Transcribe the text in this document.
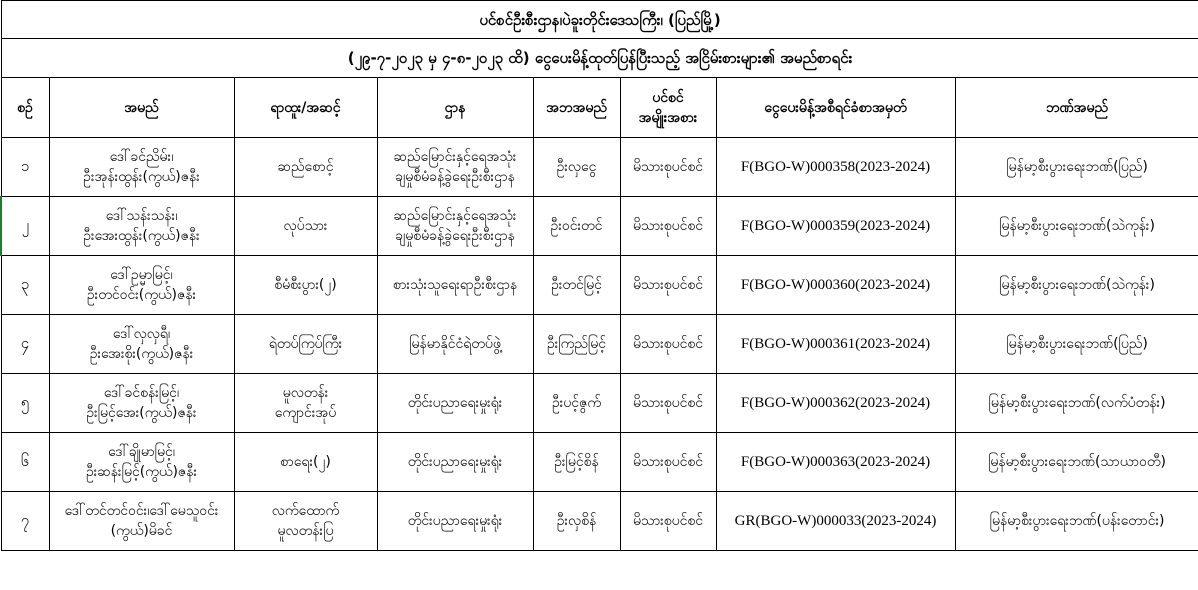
ပင်စင်ဦးစီးဌာန၊ပဲခူးတိုင်းဒေသကြီး၊ (ပြည်မြို့)							
(၂၉-၇-၂၀၂၃ မှ ၄-၈-၂၀၂၃ ထိ) ငွေပေးမိန့်ထုတ်ပြန်ပြီးသည့် အငြိမ်းစားများ၏ အမည်စာရင်း							
စဉ်	အမည်	ရာထူး/အဆင့်	ဌာန	အဘအမည်	ပင်စင်
အမျိုးအစား	ငွေပေးမိန့်အစီရင်ခံစာအမှတ်	ဘဏ်အမည်
၁	ဒေါ်ခင်ညိမ်း၊
ဦးအုန်းထွန်း(ကွယ်)ဇနီး	ဆည်စောင့်	ဆည်မြောင်းနှင့်ရေအသုံး
ချမှုစီမံခန့်ခွဲရေးဦးစီးဌာန	ဦးလှငွေ	မိသားစုပင်စင်	F(BGO-W)000358(2023-2024)	မြန်မာ့စီးပွားရေးဘဏ်(ပြည်)
၂	ဒေါ်သန်းသန်း၊
ဦးအေးထွန်း(ကွယ်)ဇနီး	လုပ်သား	ဆည်မြောင်းနှင့်ရေအသုံး
ချမှုစီမံခန့်ခွဲရေးဦးစီးဌာန	ဦးဝင်းတင်	မိသားစုပင်စင်	F(BGO-W)000359(2023-2024)	မြန်မာ့စီးပွားရေးဘဏ်(သဲကုန်း)
၃	ဒေါ်ဥမ္မာမြင့်၊
ဦးတင်ဝင်း(ကွယ်)ဇနီး	စီမံစီးပွား(၂)	စားသုံးသူရေးရာဦးစီးဌာန	ဦးတင်မြင့်	မိသားစုပင်စင်	F(BGO-W)000360(2023-2024)	မြန်မာ့စီးပွားရေးဘဏ်(သဲကုန်း)
၄	ဒေါ်လှလှရီ၊
ဦးအေးစိုး(ကွယ်)ဇနီး	ရဲတပ်ကြပ်ကြီး	မြန်မာနိုင်ငံရဲတပ်ဖွဲ့	ဦးကြည်မြင့်	မိသားစုပင်စင်	F(BGO-W)000361(2023-2024)	မြန်မာ့စီးပွားရေးဘဏ်(ပြည်)
၅	ဒေါ်ခင်စန်းမြင့်၊
ဦးမြင့်အေး(ကွယ်)ဇနီး	မူလတန်း
ကျောင်းအုပ်	တိုင်းပညာရေးမှုးရုံး	ဦးပင့်ဇွက်	မိသားစုပင်စင်	F(BGO-W)000362(2023-2024)	မြန်မာ့စီးပွားရေးဘဏ်(လက်ပံတန်း)
၆	ဒေါ်ချိုမာမြင့်၊
ဦးဆန်းမြင့်(ကွယ်)ဇနီး	စာရေး(၂)	တိုင်းပညာရေးမှုးရုံး	ဦးမြင့်စိန်	မိသားစုပင်စင်	F(BGO-W)000363(2023-2024)	မြန်မာ့စီးပွားရေးဘဏ်(သာယာဝတီ)
၇	ဒေါ်တင်တင်ဝင်း၊ဒေါ်မေသူဝင်း
(ကွယ်)မိခင်	လက်ထောက်
မူလတန်းပြ	တိုင်းပညာရေးမှုးရုံး	ဦးလှစိန်	မိသားစုပင်စင်	GR(BGO-W)000033(2023-2024)	မြန်မာ့စီးပွားရေးဘဏ်(ပန်းတောင်း)
